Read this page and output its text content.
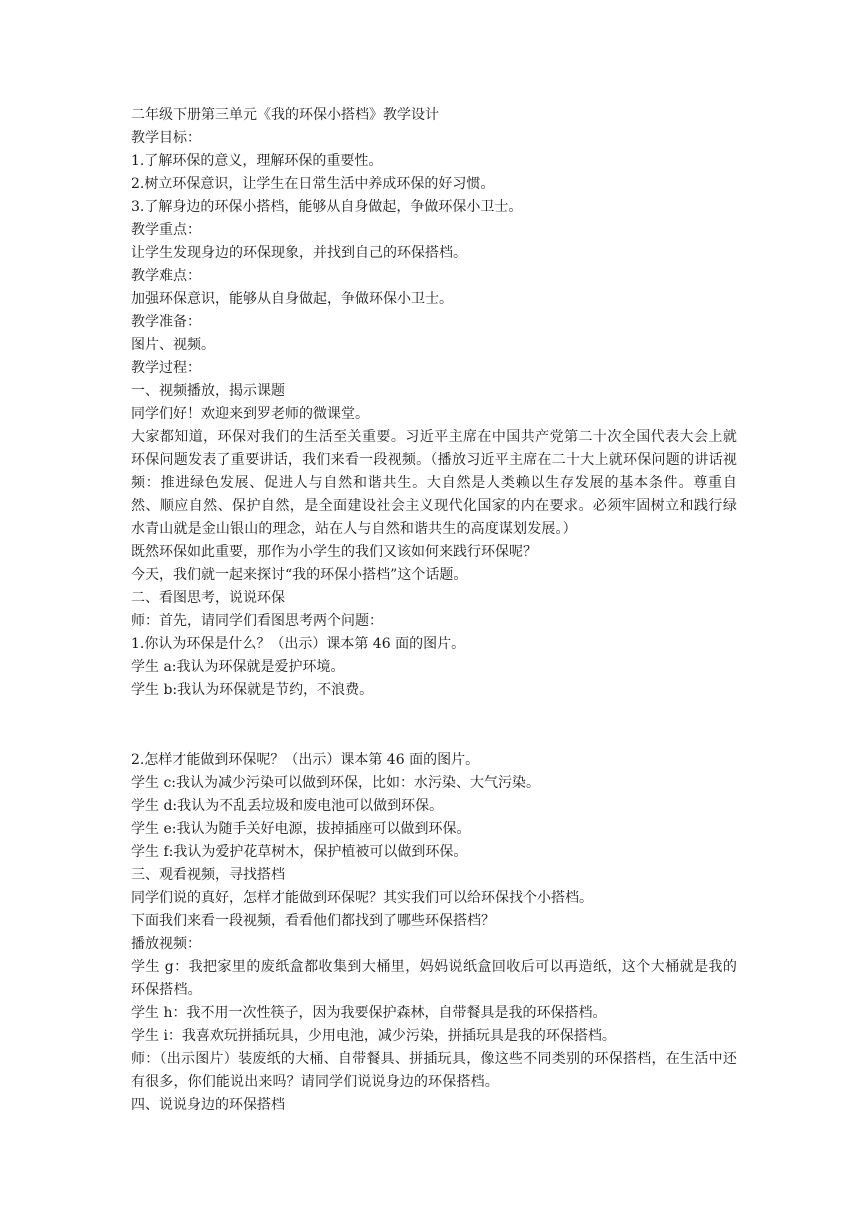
二年级下册第三单元《我的环保小搭档》教学设计

教学目标：

1.了解环保的意义，理解环保的重要性。

2.树立环保意识，让学生在日常生活中养成环保的好习惯。

3.了解身边的环保小搭档，能够从自身做起，争做环保小卫士。

教学重点：

让学生发现身边的环保现象，并找到自己的环保搭档。

教学难点：

加强环保意识，能够从自身做起，争做环保小卫士。

教学准备：

图片、视频。

教学过程：

一、视频播放，揭示课题

同学们好！欢迎来到罗老师的微课堂。

大家都知道，环保对我们的生活至关重要。习近平主席在中国共产党第二十次全国代表大会上就环保问题发表了重要讲话，我们来看一段视频。（播放习近平主席在二十大上就环保问题的讲话视频：推进绿色发展、促进人与自然和谐共生。大自然是人类赖以生存发展的基本条件。尊重自然、顺应自然、保护自然，是全面建设社会主义现代化国家的内在要求。必须牢固树立和践行绿水青山就是金山银山的理念，站在人与自然和谐共生的高度谋划发展。）

既然环保如此重要，那作为小学生的我们又该如何来践行环保呢？

今天，我们就一起来探讨“我的环保小搭档”这个话题。

二、看图思考，说说环保

师：首先，请同学们看图思考两个问题：

1.你认为环保是什么？（出示）课本第 46 面的图片。

学生 a:我认为环保就是爱护环境。

学生 b:我认为环保就是节约，不浪费。

2.怎样才能做到环保呢？（出示）课本第 46 面的图片。

学生 c:我认为减少污染可以做到环保，比如：水污染、大气污染。

学生 d:我认为不乱丢垃圾和废电池可以做到环保。

学生 e:我认为随手关好电源，拔掉插座可以做到环保。

学生 f:我认为爱护花草树木，保护植被可以做到环保。

三、观看视频，寻找搭档

同学们说的真好，怎样才能做到环保呢？其实我们可以给环保找个小搭档。

下面我们来看一段视频，看看他们都找到了哪些环保搭档？

播放视频：

学生 g：我把家里的废纸盒都收集到大桶里，妈妈说纸盒回收后可以再造纸，这个大桶就是我的环保搭档。

学生 h：我不用一次性筷子，因为我要保护森林，自带餐具是我的环保搭档。

学生 i：我喜欢玩拼插玩具，少用电池，减少污染，拼插玩具是我的环保搭档。

师：（出示图片）装废纸的大桶、自带餐具、拼插玩具，像这些不同类别的环保搭档，在生活中还有很多，你们能说出来吗？请同学们说说身边的环保搭档。

四、说说身边的环保搭档
